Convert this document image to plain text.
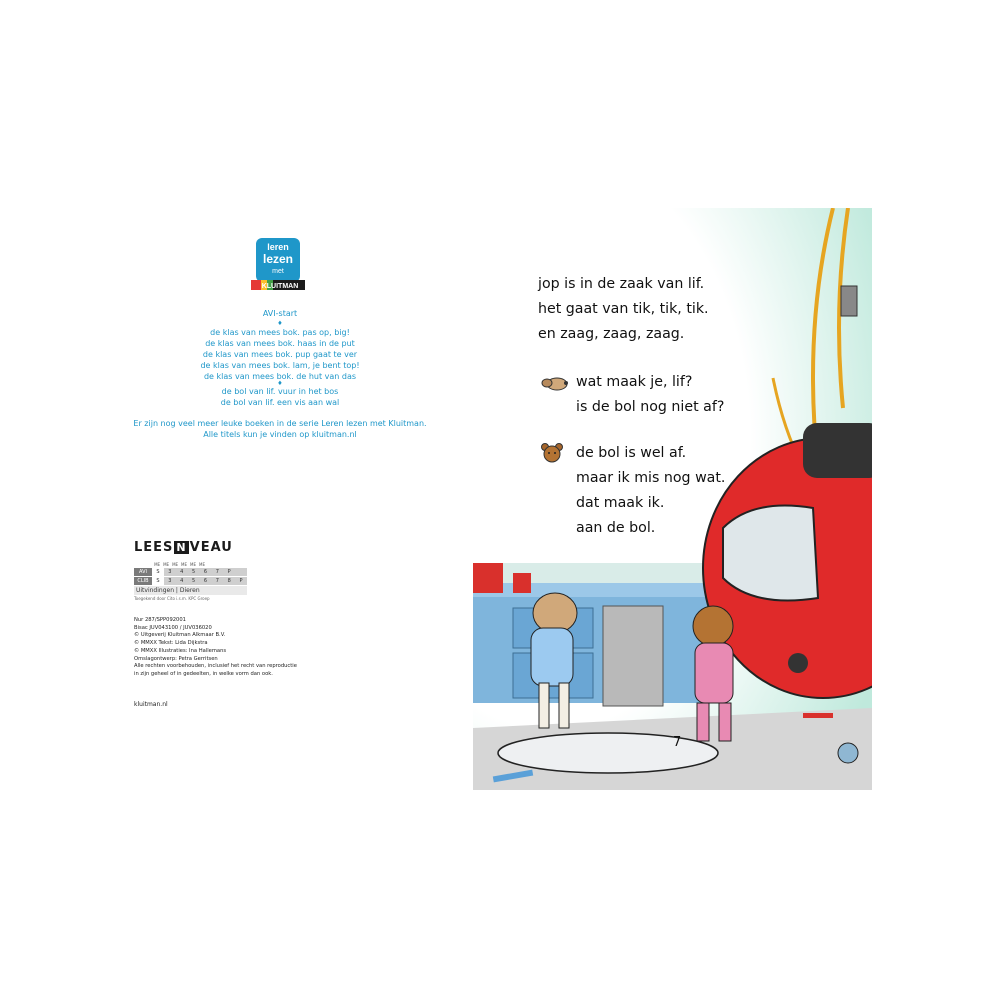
leren
lezen
met
KLUITMAN
AVI-start
♦
de klas van mees bok. pas op, big!
de klas van mees bok. haas in de put
de klas van mees bok. pup gaat te ver
de klas van mees bok. lam, je bent top!
de klas van mees bok. de hut van das
♦
de bol van lif. vuur in het bos
de bol van lif. een vis aan wal
Er zijn nog veel meer leuke boeken in de serie Leren lezen met Kluitman.
Alle titels kun je vinden op kluitman.nl
LEES N VEAU
ME ME ME ME ME ME
AVI	S	3	4	5	6	7	P
CLIB	S	3	4	5	6	7	8	P
Uitvindingen | Dieren
Toegekend door Cito i.s.m. KPC Groep
Nur 287/SPP092001
Bisac JUV043100 / JUV036020
© Uitgeverij Kluitman Alkmaar B.V.
© MMXX Tekst: Lida Dijkstra
© MMXX Illustraties: Ina Hallemans
Omslagontwerp: Petra Gerritsen
Alle rechten voorbehouden, inclusief het recht van reproductie
in zijn geheel of in gedeelten, in welke vorm dan ook.
kluitman.nl
jop is in de zaak van lif.
het gaat van tik, tik, tik.
en zaag, zaag, zaag.
wat maak je, lif?
is de bol nog niet af?
de bol is wel af.
maar ik mis nog wat.
dat maak ik.
aan de bol.
7
